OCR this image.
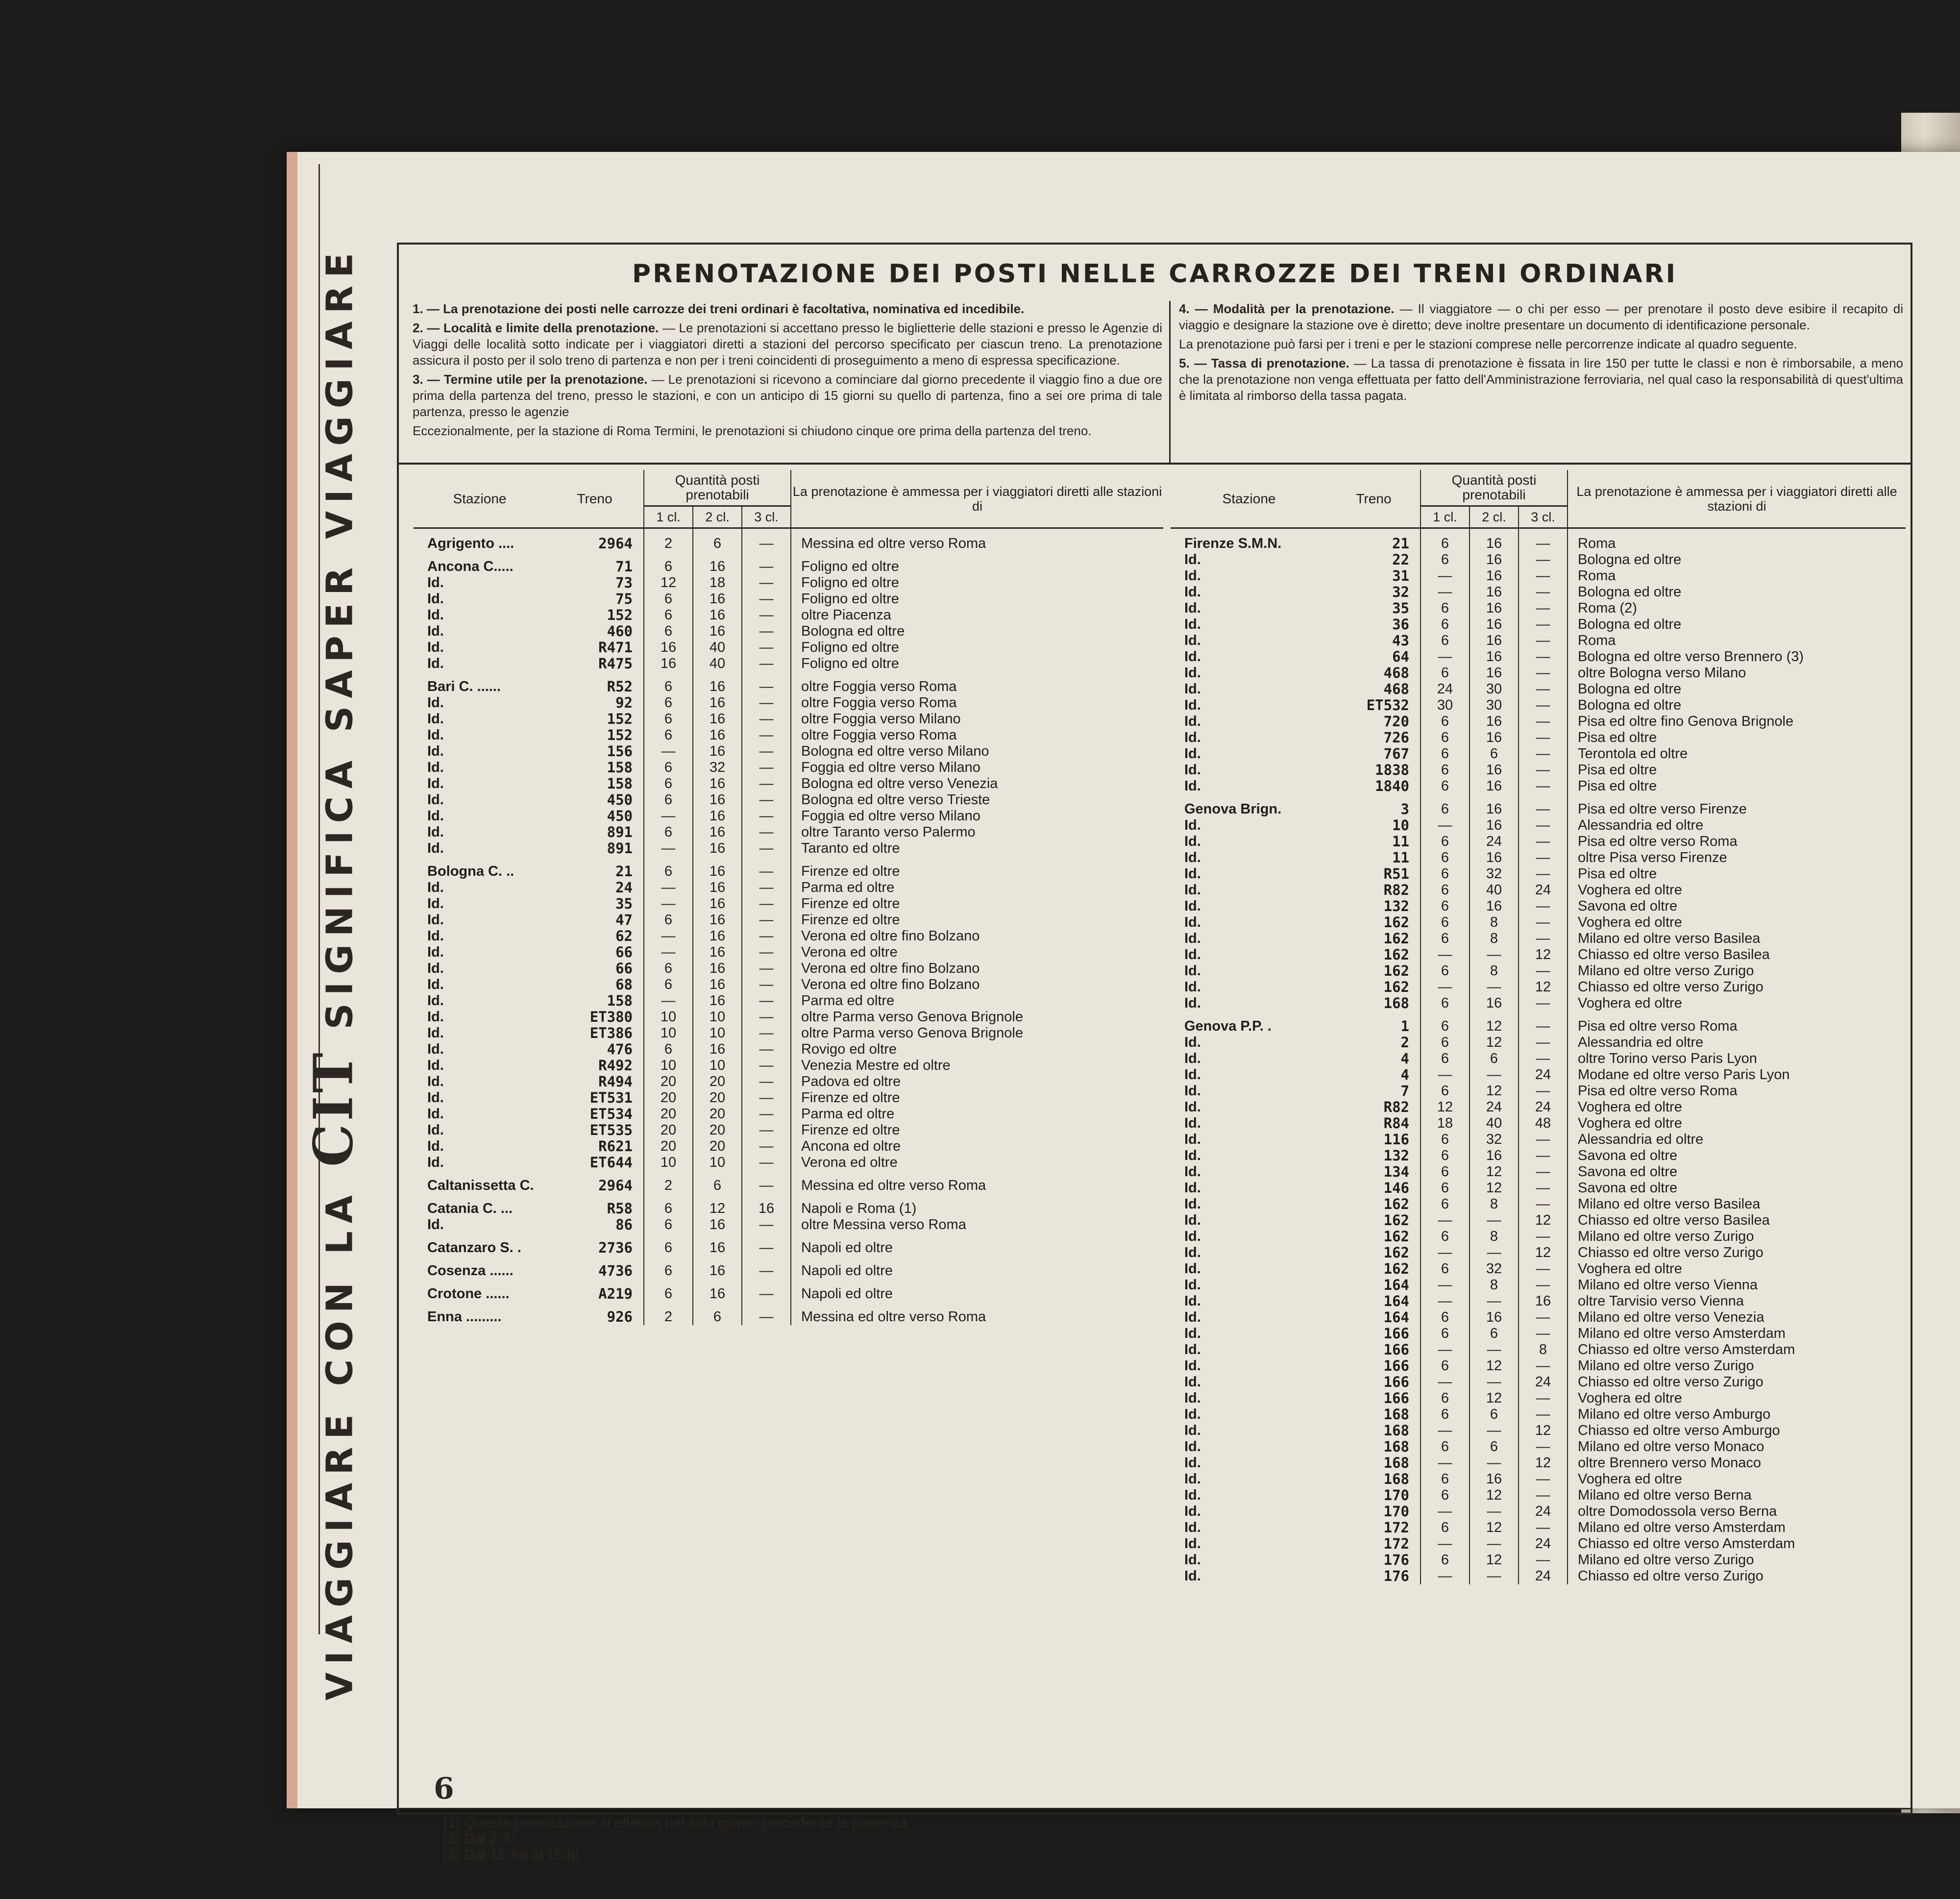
PRENOTAZIONE DEI POSTI NELLE CARROZZE DEI TRENI ORDINARI

1. — La prenotazione dei posti nelle carrozze dei treni ordinari è facoltativa, nominativa ed incedibile.

2. — Località e limite della prenotazione. — Le prenotazioni si accettano presso le biglietterie delle stazioni e presso le Agenzie di Viaggi delle località sotto indicate per i viaggiatori diretti a stazioni del percorso specificato per ciascun treno. La prenotazione assicura il posto per il solo treno di partenza e non per i treni coincidenti di proseguimento a meno di espressa specificazione.

3. — Termine utile per la prenotazione. — Le prenotazioni si ricevono a cominciare dal giorno precedente il viaggio fino a due ore prima della partenza del treno, presso le stazioni, e con un anticipo di 15 giorni su quello di partenza, fino a sei ore prima di tale partenza, presso le agenzie

Eccezionalmente, per la stazione di Roma Termini, le prenotazioni si chiudono cinque ore prima della partenza del treno.

4. — Modalità per la prenotazione. — Il viaggiatore — o chi per esso — per prenotare il posto deve esibire il recapito di viaggio e designare la stazione ove è diretto; deve inoltre presentare un documento di identificazione personale.

La prenotazione può farsi per i treni e per le stazioni comprese nelle percorrenze indicate al quadro seguente.

5. — Tassa di prenotazione. — La tassa di prenotazione è fissata in lire 150 per tutte le classi e non è rimborsabile, a meno che la prenotazione non venga effettuata per fatto dell'Amministrazione ferroviaria, nel qual caso la responsabilità di quest'ultima è limitata al rimborso della tassa pagata.

Stazione	Treno	Quantità posti prenotabili			La prenotazione è ammessa per i viaggiatori diretti alle stazioni di
		1 cl.	2 cl.	3 cl.	

Agrigento ....	2964	2	6	—	Messina ed oltre verso Roma

Ancona C.....	71	6	16	—	Foligno ed oltre
Id.	73	12	18	—	Foligno ed oltre
Id.	75	6	16	—	Foligno ed oltre
Id.	152	6	16	—	oltre Piacenza
Id.	460	6	16	—	Bologna ed oltre
Id.	R471	16	40	—	Foligno ed oltre
Id.	R475	16	40	—	Foligno ed oltre

Bari C. ......	R52	6	16	—	oltre Foggia verso Roma
Id.	92	6	16	—	oltre Foggia verso Roma
Id.	152	6	16	—	oltre Foggia verso Milano
Id.	152	6	16	—	oltre Foggia verso Roma
Id.	156	—	16	—	Bologna ed oltre verso Milano
Id.	158	6	32	—	Foggia ed oltre verso Milano
Id.	158	6	16	—	Bologna ed oltre verso Venezia
Id.	450	6	16	—	Bologna ed oltre verso Trieste
Id.	450	—	16	—	Foggia ed oltre verso Milano
Id.	891	6	16	—	oltre Taranto verso Palermo
Id.	891	—	16	—	Taranto ed oltre

Bologna C. ..	21	6	16	—	Firenze ed oltre
Id.	24	—	16	—	Parma ed oltre
Id.	35	—	16	—	Firenze ed oltre
Id.	47	6	16	—	Firenze ed oltre
Id.	62	—	16	—	Verona ed oltre fino Bolzano
Id.	66	—	16	—	Verona ed oltre
Id.	66	6	16	—	Verona ed oltre fino Bolzano
Id.	68	6	16	—	Verona ed oltre fino Bolzano
Id.	158	—	16	—	Parma ed oltre
Id.	ET380	10	10	—	oltre Parma verso Genova Brignole
Id.	ET386	10	10	—	oltre Parma verso Genova Brignole
Id.	476	6	16	—	Rovigo ed oltre
Id.	R492	10	10	—	Venezia Mestre ed oltre
Id.	R494	20	20	—	Padova ed oltre
Id.	ET531	20	20	—	Firenze ed oltre
Id.	ET534	20	20	—	Parma ed oltre
Id.	ET535	20	20	—	Firenze ed oltre
Id.	R621	20	20	—	Ancona ed oltre
Id.	ET644	10	10	—	Verona ed oltre

Caltanissetta C.	2964	2	6	—	Messina ed oltre verso Roma

Catania C. ...	R58	6	12	16	Napoli e Roma (1)
Id.	86	6	16	—	oltre Messina verso Roma

Catanzaro S. .	2736	6	16	—	Napoli ed oltre

Cosenza ......	4736	6	16	—	Napoli ed oltre

Crotone ......	A219	6	16	—	Napoli ed oltre

Enna .........	926	2	6	—	Messina ed oltre verso Roma
Stazione	Treno	Quantità posti prenotabili			La prenotazione è ammessa per i viaggiatori diretti alle stazioni di
		1 cl.	2 cl.	3 cl.	

Firenze S.M.N.	21	6	16	—	Roma
Id.	22	6	16	—	Bologna ed oltre
Id.	31	—	16	—	Roma
Id.	32	—	16	—	Bologna ed oltre
Id.	35	6	16	—	Roma (2)
Id.	36	6	16	—	Bologna ed oltre
Id.	43	6	16	—	Roma
Id.	64	—	16	—	Bologna ed oltre verso Brennero (3)
Id.	468	6	16	—	oltre Bologna verso Milano
Id.	468	24	30	—	Bologna ed oltre
Id.	ET532	30	30	—	Bologna ed oltre
Id.	720	6	16	—	Pisa ed oltre fino Genova Brignole
Id.	726	6	16	—	Pisa ed oltre
Id.	767	6	6	—	Terontola ed oltre
Id.	1838	6	16	—	Pisa ed oltre
Id.	1840	6	16	—	Pisa ed oltre

Genova Brign.	3	6	16	—	Pisa ed oltre verso Firenze
Id.	10	—	16	—	Alessandria ed oltre
Id.	11	6	24	—	Pisa ed oltre verso Roma
Id.	11	6	16	—	oltre Pisa verso Firenze
Id.	R51	6	32	—	Pisa ed oltre
Id.	R82	6	40	24	Voghera ed oltre
Id.	132	6	16	—	Savona ed oltre
Id.	162	6	8	—	Voghera ed oltre
Id.	162	6	8	—	Milano ed oltre verso Basilea
Id.	162	—	—	12	Chiasso ed oltre verso Basilea
Id.	162	6	8	—	Milano ed oltre verso Zurigo
Id.	162	—	—	12	Chiasso ed oltre verso Zurigo
Id.	168	6	16	—	Voghera ed oltre

Genova P.P. .	1	6	12	—	Pisa ed oltre verso Roma
Id.	2	6	12	—	Alessandria ed oltre
Id.	4	6	6	—	oltre Torino verso Paris Lyon
Id.	4	—	—	24	Modane ed oltre verso Paris Lyon
Id.	7	6	12	—	Pisa ed oltre verso Roma
Id.	R82	12	24	24	Voghera ed oltre
Id.	R84	18	40	48	Voghera ed oltre
Id.	116	6	32	—	Alessandria ed oltre
Id.	132	6	16	—	Savona ed oltre
Id.	134	6	12	—	Savona ed oltre
Id.	146	6	12	—	Savona ed oltre
Id.	162	6	8	—	Milano ed oltre verso Basilea
Id.	162	—	—	12	Chiasso ed oltre verso Basilea
Id.	162	6	8	—	Milano ed oltre verso Zurigo
Id.	162	—	—	12	Chiasso ed oltre verso Zurigo
Id.	162	6	32	—	Voghera ed oltre
Id.	164	—	8	—	Milano ed oltre verso Vienna
Id.	164	—	—	16	oltre Tarvisio verso Vienna
Id.	164	6	16	—	Milano ed oltre verso Venezia
Id.	166	6	6	—	Milano ed oltre verso Amsterdam
Id.	166	—	—	8	Chiasso ed oltre verso Amsterdam
Id.	166	6	12	—	Milano ed oltre verso Zurigo
Id.	166	—	—	24	Chiasso ed oltre verso Zurigo
Id.	166	6	12	—	Voghera ed oltre
Id.	168	6	6	—	Milano ed oltre verso Amburgo
Id.	168	—	—	12	Chiasso ed oltre verso Amburgo
Id.	168	6	6	—	Milano ed oltre verso Monaco
Id.	168	—	—	12	oltre Brennero verso Monaco
Id.	168	6	16	—	Voghera ed oltre
Id.	170	6	12	—	Milano ed oltre verso Berna
Id.	170	—	—	24	oltre Domodossola verso Berna
Id.	172	6	12	—	Milano ed oltre verso Amsterdam
Id.	172	—	—	24	Chiasso ed oltre verso Amsterdam
Id.	176	6	12	—	Milano ed oltre verso Zurigo
Id.	176	—	—	24	Chiasso ed oltre verso Zurigo
(1) Questa prenotazione si effettua nel solo giorno precedente la partenza.
(2) Dal 2-XI.
(3) Dal 15-XII al 15-III.
6
VIAGGIARE CON LA CIT SIGNIFICA SAPER VIAGGIARE
